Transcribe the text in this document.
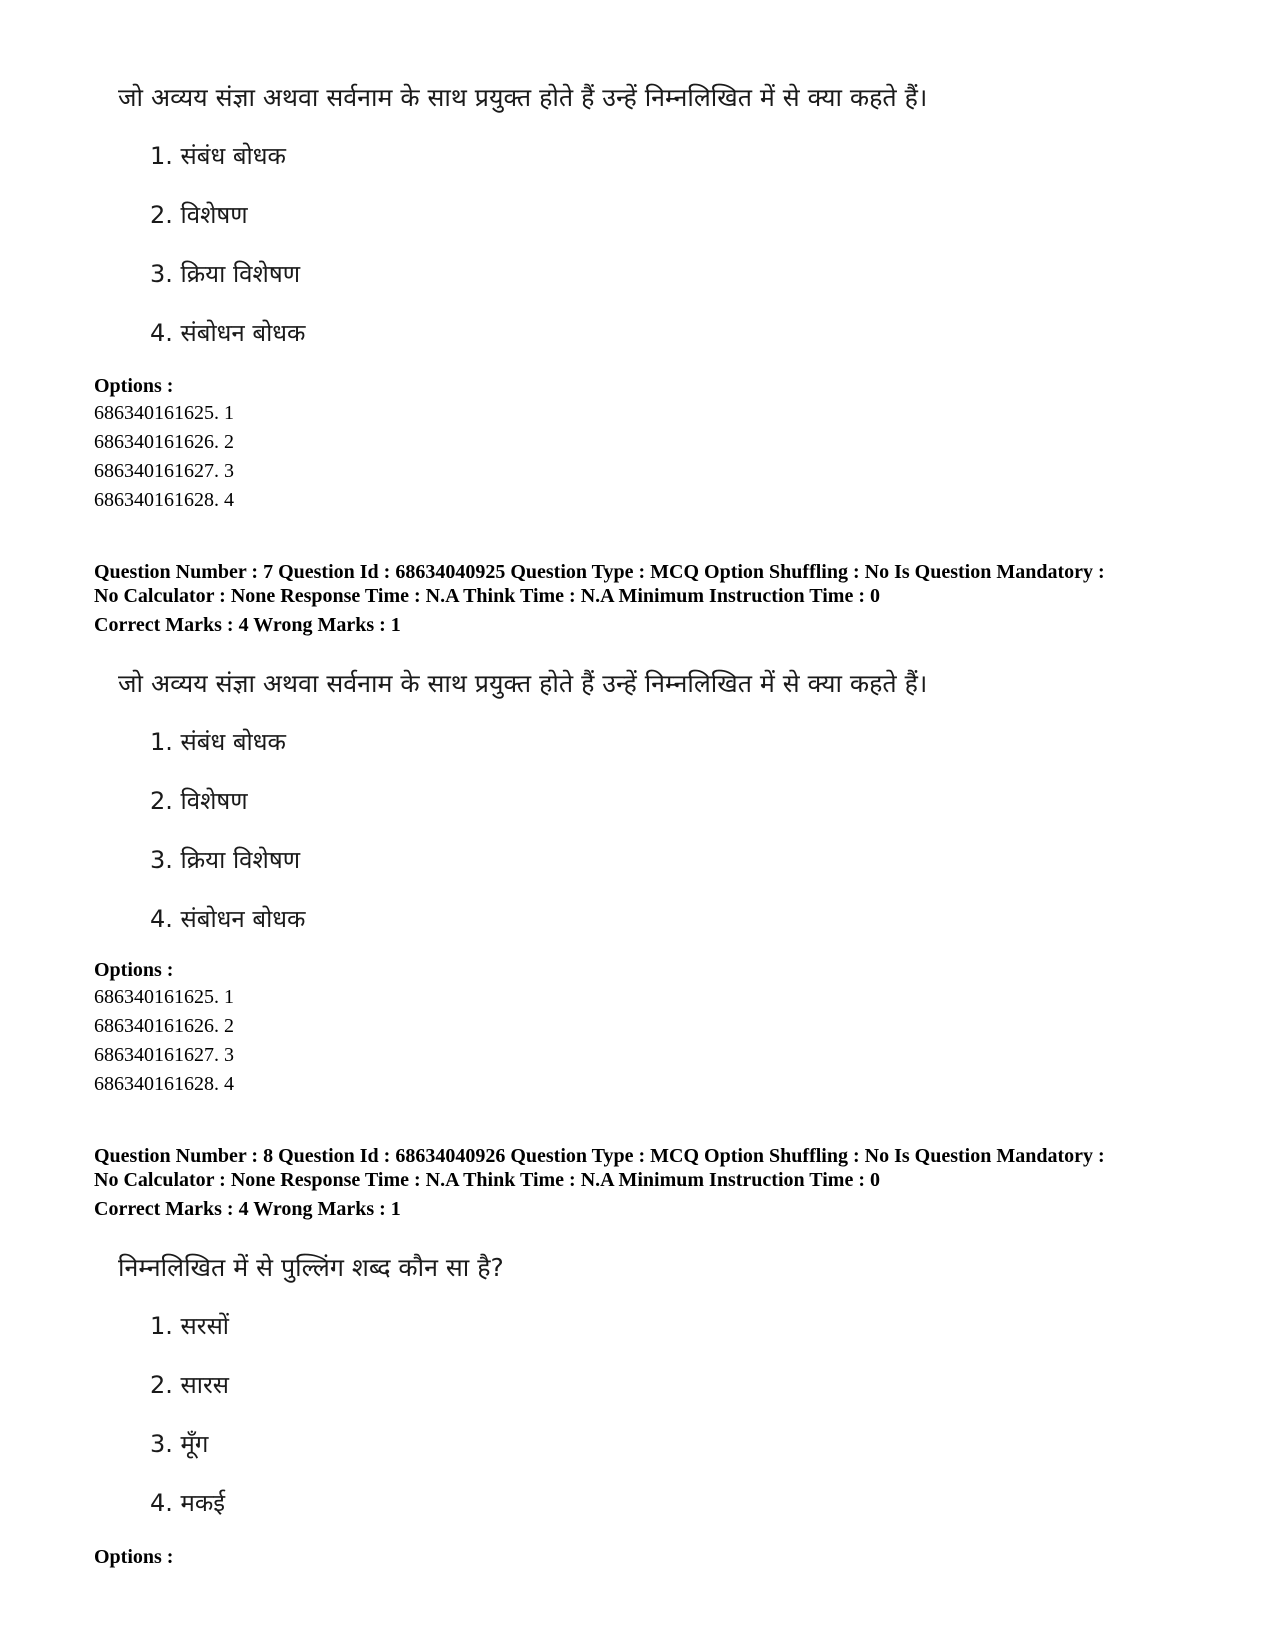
जो अव्यय संज्ञा अथवा सर्वनाम के साथ प्रयुक्त होते हैं उन्हें निम्नलिखित में से क्या कहते हैं।
1. संबंध बोधक
2. विशेषण
3. क्रिया विशेषण
4. संबोधन बोधक
Options :
686340161625. 1
686340161626. 2
686340161627. 3
686340161628. 4
Question Number : 7 Question Id : 68634040925 Question Type : MCQ Option Shuffling : No Is Question Mandatory :
No Calculator : None Response Time : N.A Think Time : N.A Minimum Instruction Time : 0
Correct Marks : 4 Wrong Marks : 1
जो अव्यय संज्ञा अथवा सर्वनाम के साथ प्रयुक्त होते हैं उन्हें निम्नलिखित में से क्या कहते हैं।
1. संबंध बोधक
2. विशेषण
3. क्रिया विशेषण
4. संबोधन बोधक
Options :
686340161625. 1
686340161626. 2
686340161627. 3
686340161628. 4
Question Number : 8 Question Id : 68634040926 Question Type : MCQ Option Shuffling : No Is Question Mandatory :
No Calculator : None Response Time : N.A Think Time : N.A Minimum Instruction Time : 0
Correct Marks : 4 Wrong Marks : 1
निम्नलिखित में से पुल्लिंग शब्द कौन सा है?
1. सरसों
2. सारस
3. मूँग
4. मकई
Options :
